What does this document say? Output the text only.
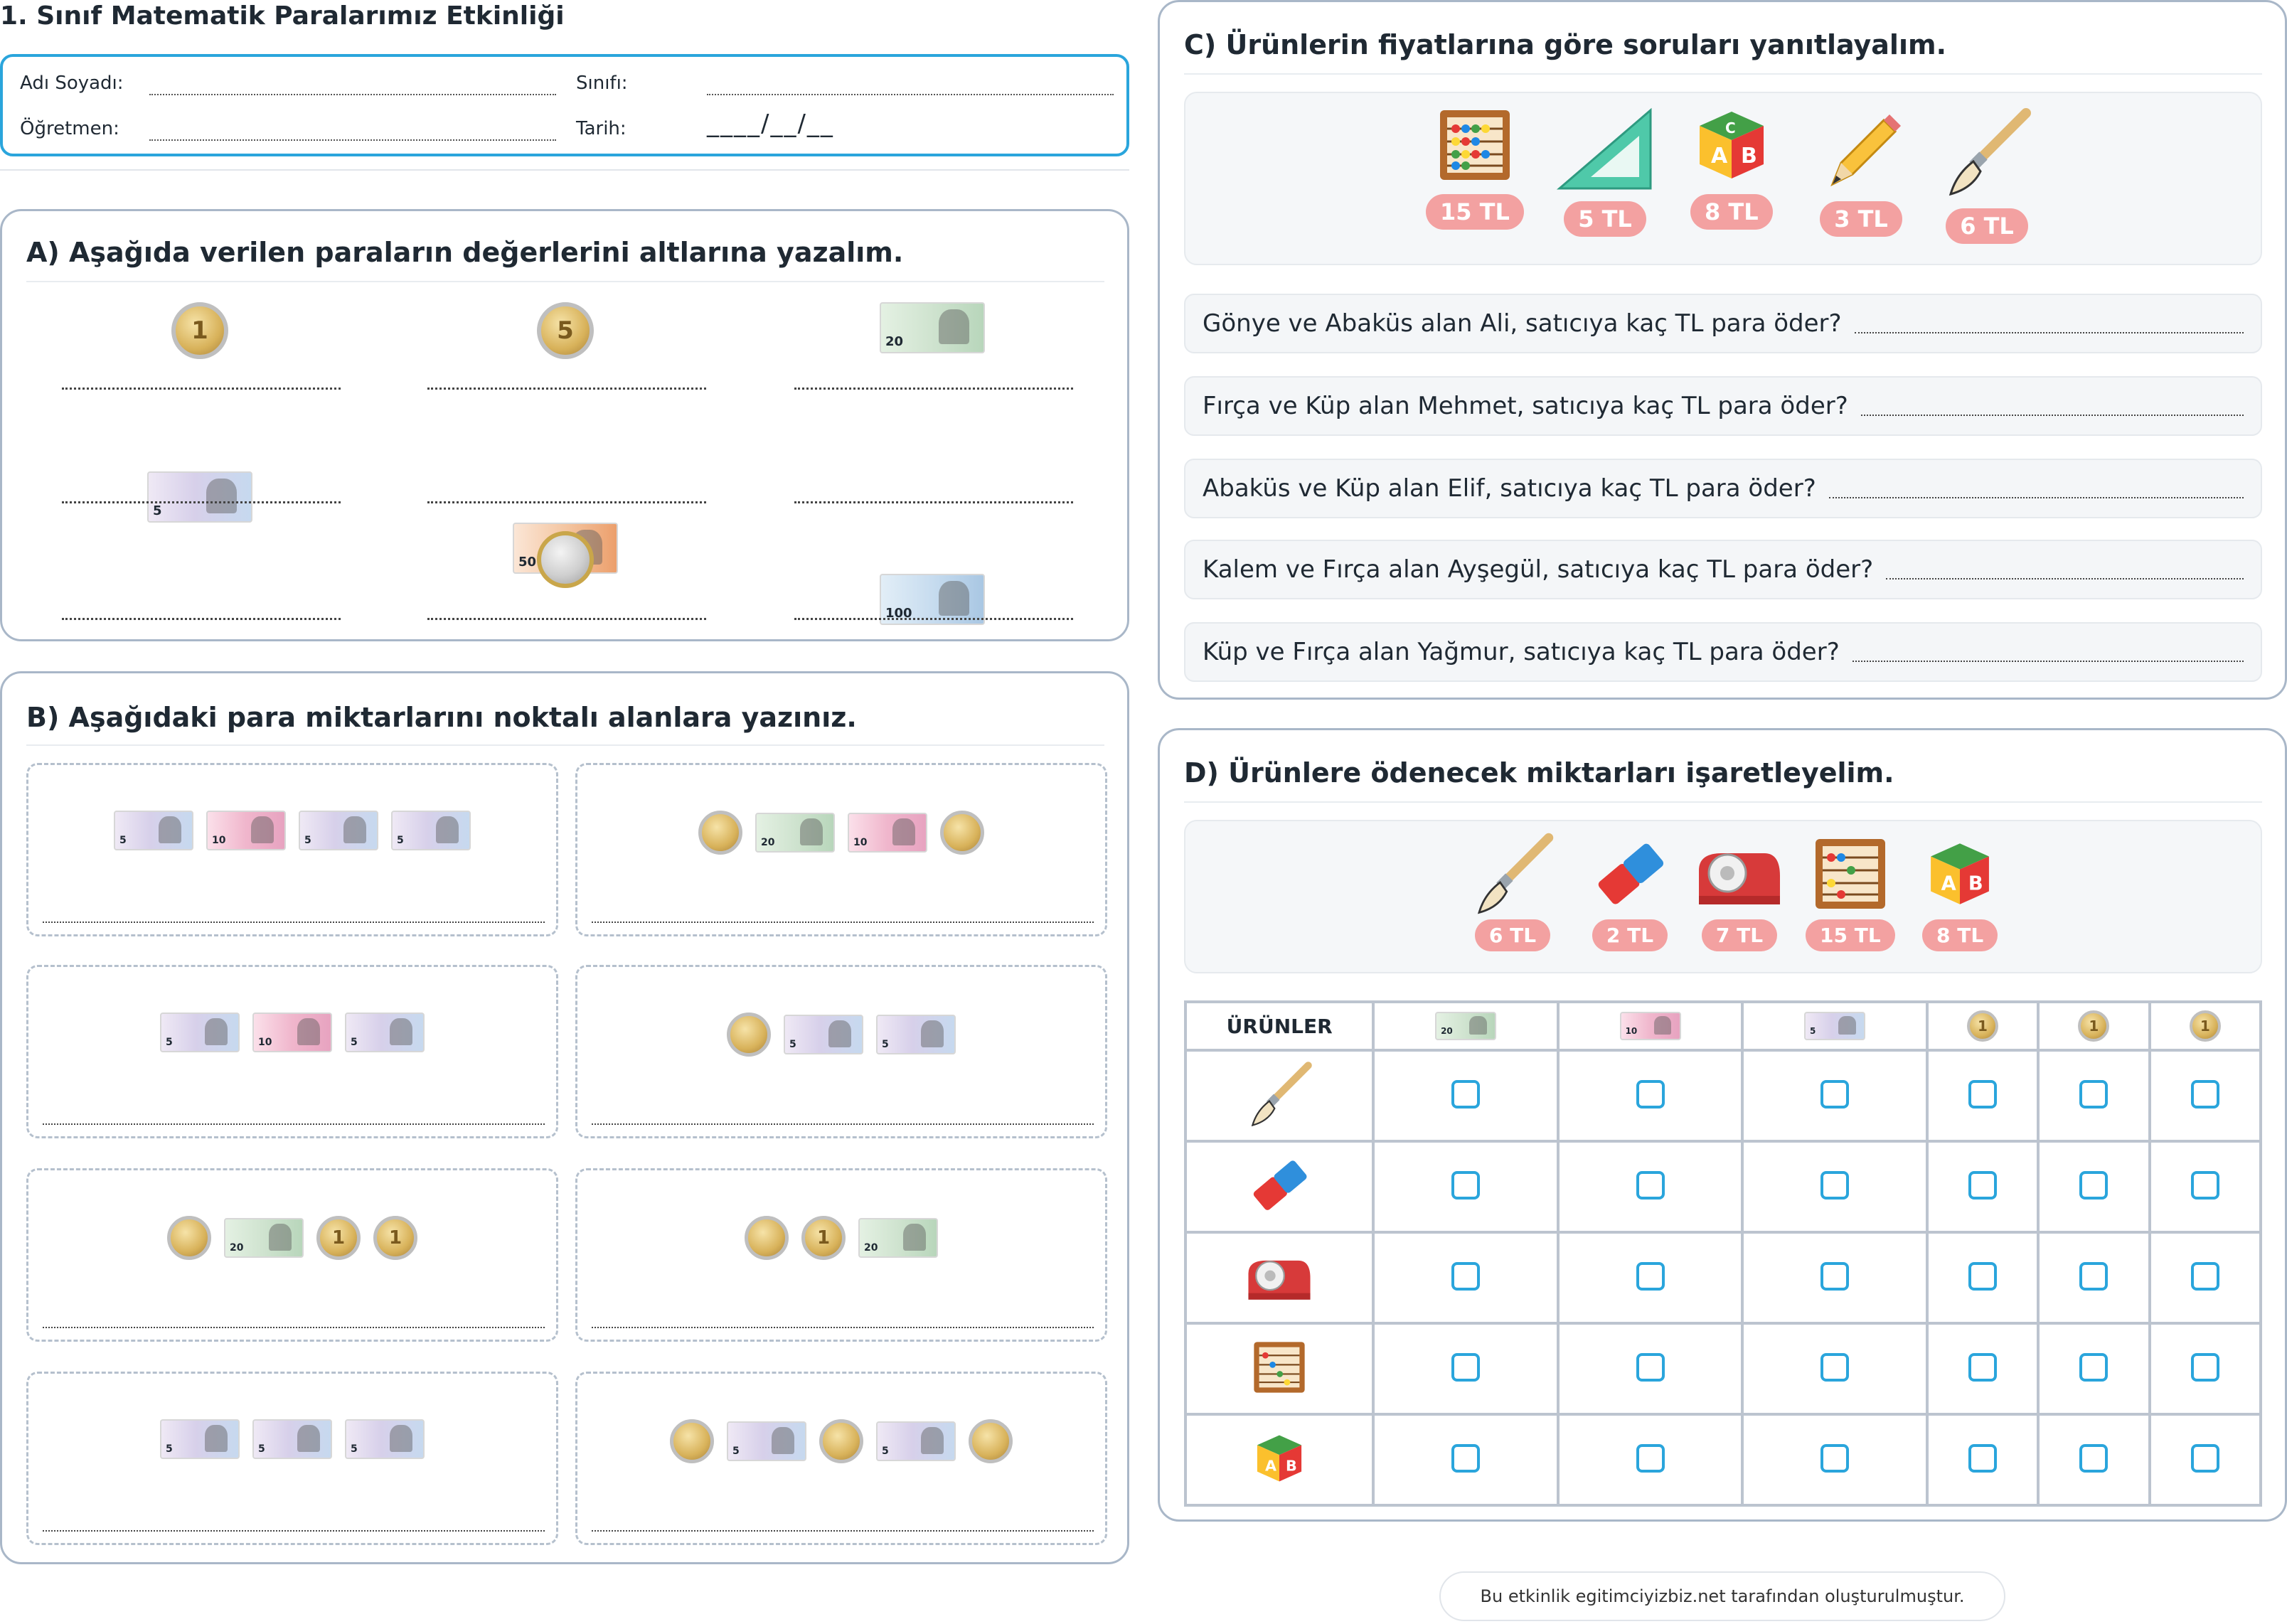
1. Sınıf Matematik Paralarımız Etkinliği
Adı Soyadı:	Sınıfı:
Öğretmen:	Tarih:	____/__/__
A) Aşağıda verilen paraların değerlerini altlarına yazalım.
1	5	20
5
50
100
B) Aşağıdaki para miktarlarını noktalı alanlara yazınız.
5	10	5	5	20	10
5	10	5	5	5
20	1	1	1	20
5	5	5	5	5
C) Ürünlerin fiyatlarına göre soruları yanıtlayalım.
15 TL	5 TL
A B
C
8 TL	3 TL	6 TL
Gönye ve Abaküs alan Ali, satıcıya kaç TL para öder?
Fırça ve Küp alan Mehmet, satıcıya kaç TL para öder?
Abaküs ve Küp alan Elif, satıcıya kaç TL para öder?
Kalem ve Fırça alan Ayşegül, satıcıya kaç TL para öder?
Küp ve Fırça alan Yağmur, satıcıya kaç TL para öder?
D) Ürünlere ödenecek miktarları işaretleyelim.
6 TL	2 TL	7 TL	15 TL
A B
8 TL
ÜRÜNLER	20	10	5	1	1	1

A B						

Bu etkinlik egitimciyizbiz.net tarafından oluşturulmuştur.
